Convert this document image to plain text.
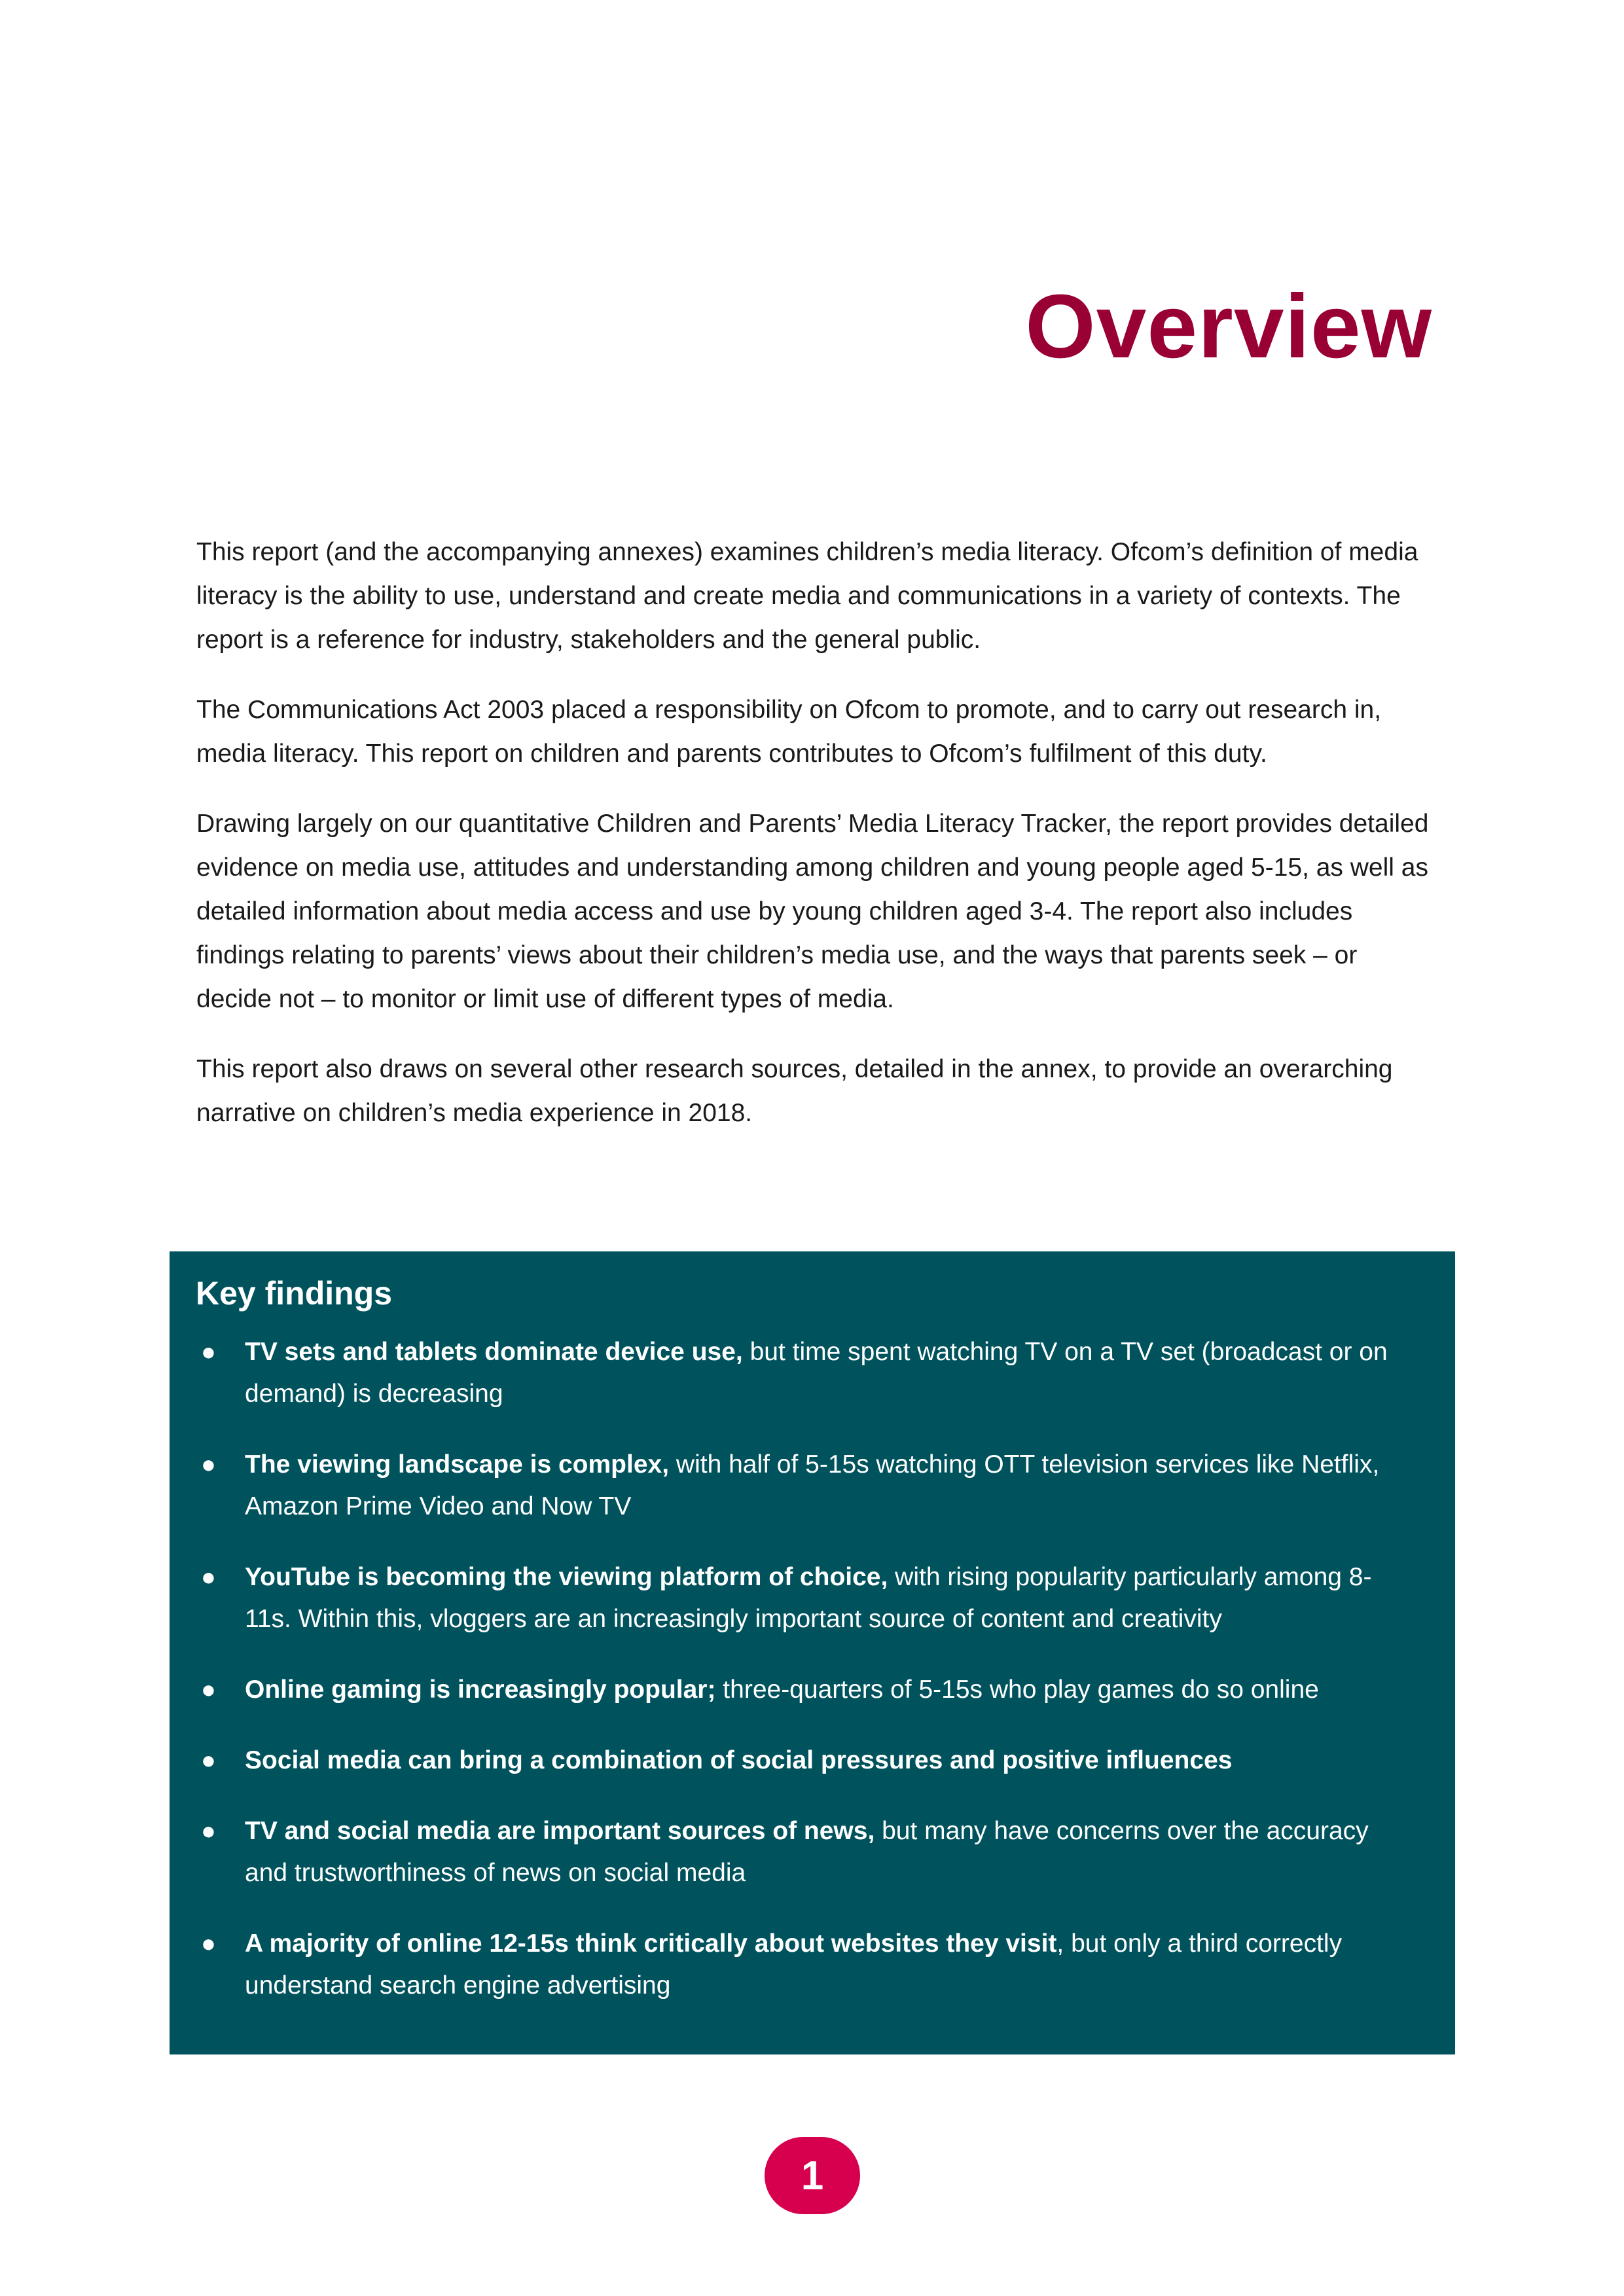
Overview

This report (and the accompanying annexes) examines children’s media literacy. Ofcom’s definition of media literacy is the ability to use, understand and create media and communications in a variety of contexts. The report is a reference for industry, stakeholders and the general public.

The Communications Act 2003 placed a responsibility on Ofcom to promote, and to carry out research in, media literacy. This report on children and parents contributes to Ofcom’s fulfilment of this duty.

Drawing largely on our quantitative Children and Parents’ Media Literacy Tracker, the report provides detailed evidence on media use, attitudes and understanding among children and young people aged 5-15, as well as detailed information about media access and use by young children aged 3-4. The report also includes findings relating to parents’ views about their children’s media use, and the ways that parents seek – or decide not – to monitor or limit use of different types of media.

This report also draws on several other research sources, detailed in the annex, to provide an overarching narrative on children’s media experience in 2018.

Key findings
● TV sets and tablets dominate device use, but time spent watching TV on a TV set (broadcast or on demand) is decreasing
● The viewing landscape is complex, with half of 5-15s watching OTT television services like Netflix, Amazon Prime Video and Now TV
● YouTube is becoming the viewing platform of choice, with rising popularity particularly among 8-11s. Within this, vloggers are an increasingly important source of content and creativity
● Online gaming is increasingly popular; three-quarters of 5-15s who play games do so online
● Social media can bring a combination of social pressures and positive influences
● TV and social media are important sources of news, but many have concerns over the accuracy and trustworthiness of news on social media
● A majority of online 12-15s think critically about websites they visit, but only a third correctly understand search engine advertising
1
